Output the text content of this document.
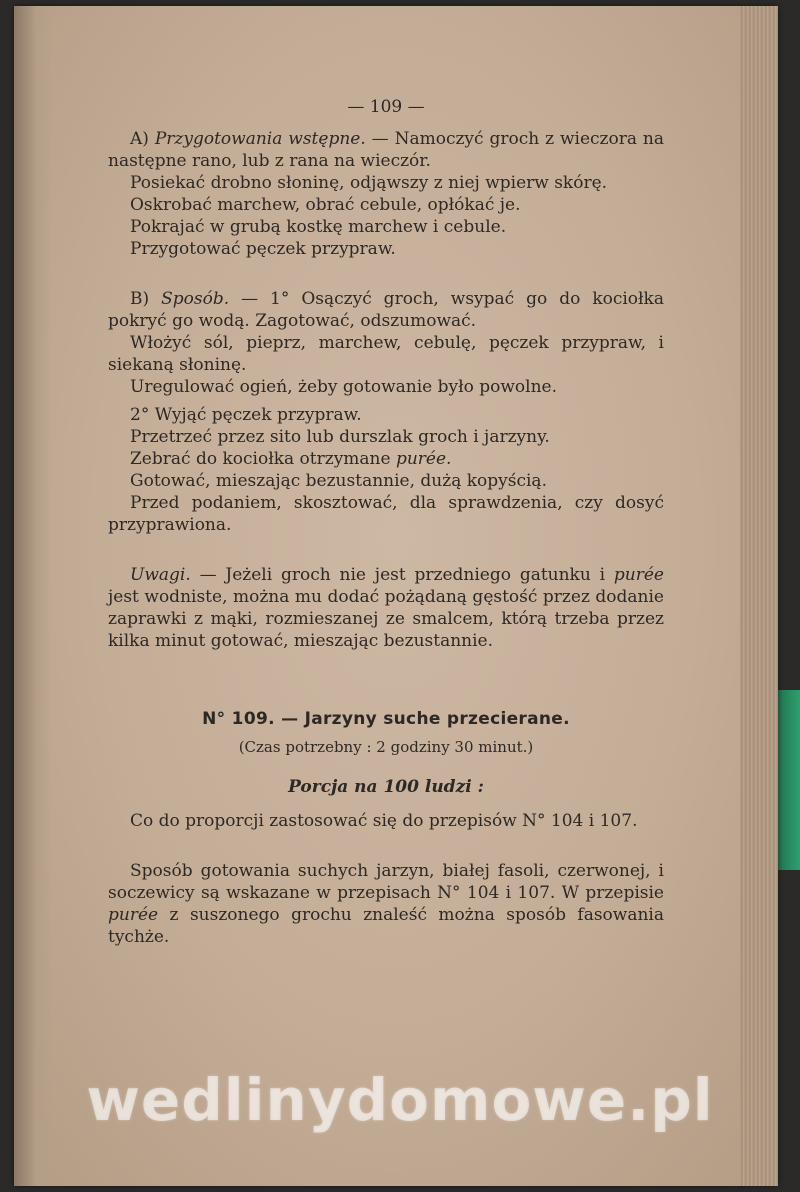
— 109 —

A) Przygotowania wstępne. — Namoczyć groch z wieczora na następne rano, lub z rana na wieczór.

Posiekać drobno słoninę, odjąwszy z niej wpierw skórę.

Oskrobać marchew, obrać cebule, opłókać je.

Pokrajać w grubą kostkę marchew i cebule.

Przygotować pęczek przypraw.

B) Sposób. — 1° Osączyć groch, wsypać go do kociołka pokryć go wodą. Zagotować, odszumować.

Włożyć sól, pieprz, marchew, cebulę, pęczek przypraw, i siekaną słoninę.

Uregulować ogień, żeby gotowanie było powolne.

2° Wyjąć pęczek przypraw.

Przetrzeć przez sito lub durszlak groch i jarzyny.

Zebrać do kociołka otrzymane purée.

Gotować, mieszając bezustannie, dużą kopyścią.

Przed podaniem, skosztować, dla sprawdzenia, czy dosyć przyprawiona.

Uwagi. — Jeżeli groch nie jest przedniego gatunku i purée jest wodniste, można mu dodać pożądaną gęstość przez dodanie zaprawki z mąki, rozmieszanej ze smalcem, którą trzeba przez kilka minut gotować, mieszając bezustannie.

N° 109. — Jarzyny suche przecierane.

(Czas potrzebny : 2 godziny 30 minut.)

Porcja na 100 ludzi :

Co do proporcji zastosować się do przepisów N° 104 i 107.

Sposób gotowania suchych jarzyn, białej fasoli, czerwonej, i soczewicy są wskazane w przepisach N° 104 i 107. W przepisie purée z suszonego grochu znaleść można sposób fasowania tychże.

wedlinydomowe.pl
